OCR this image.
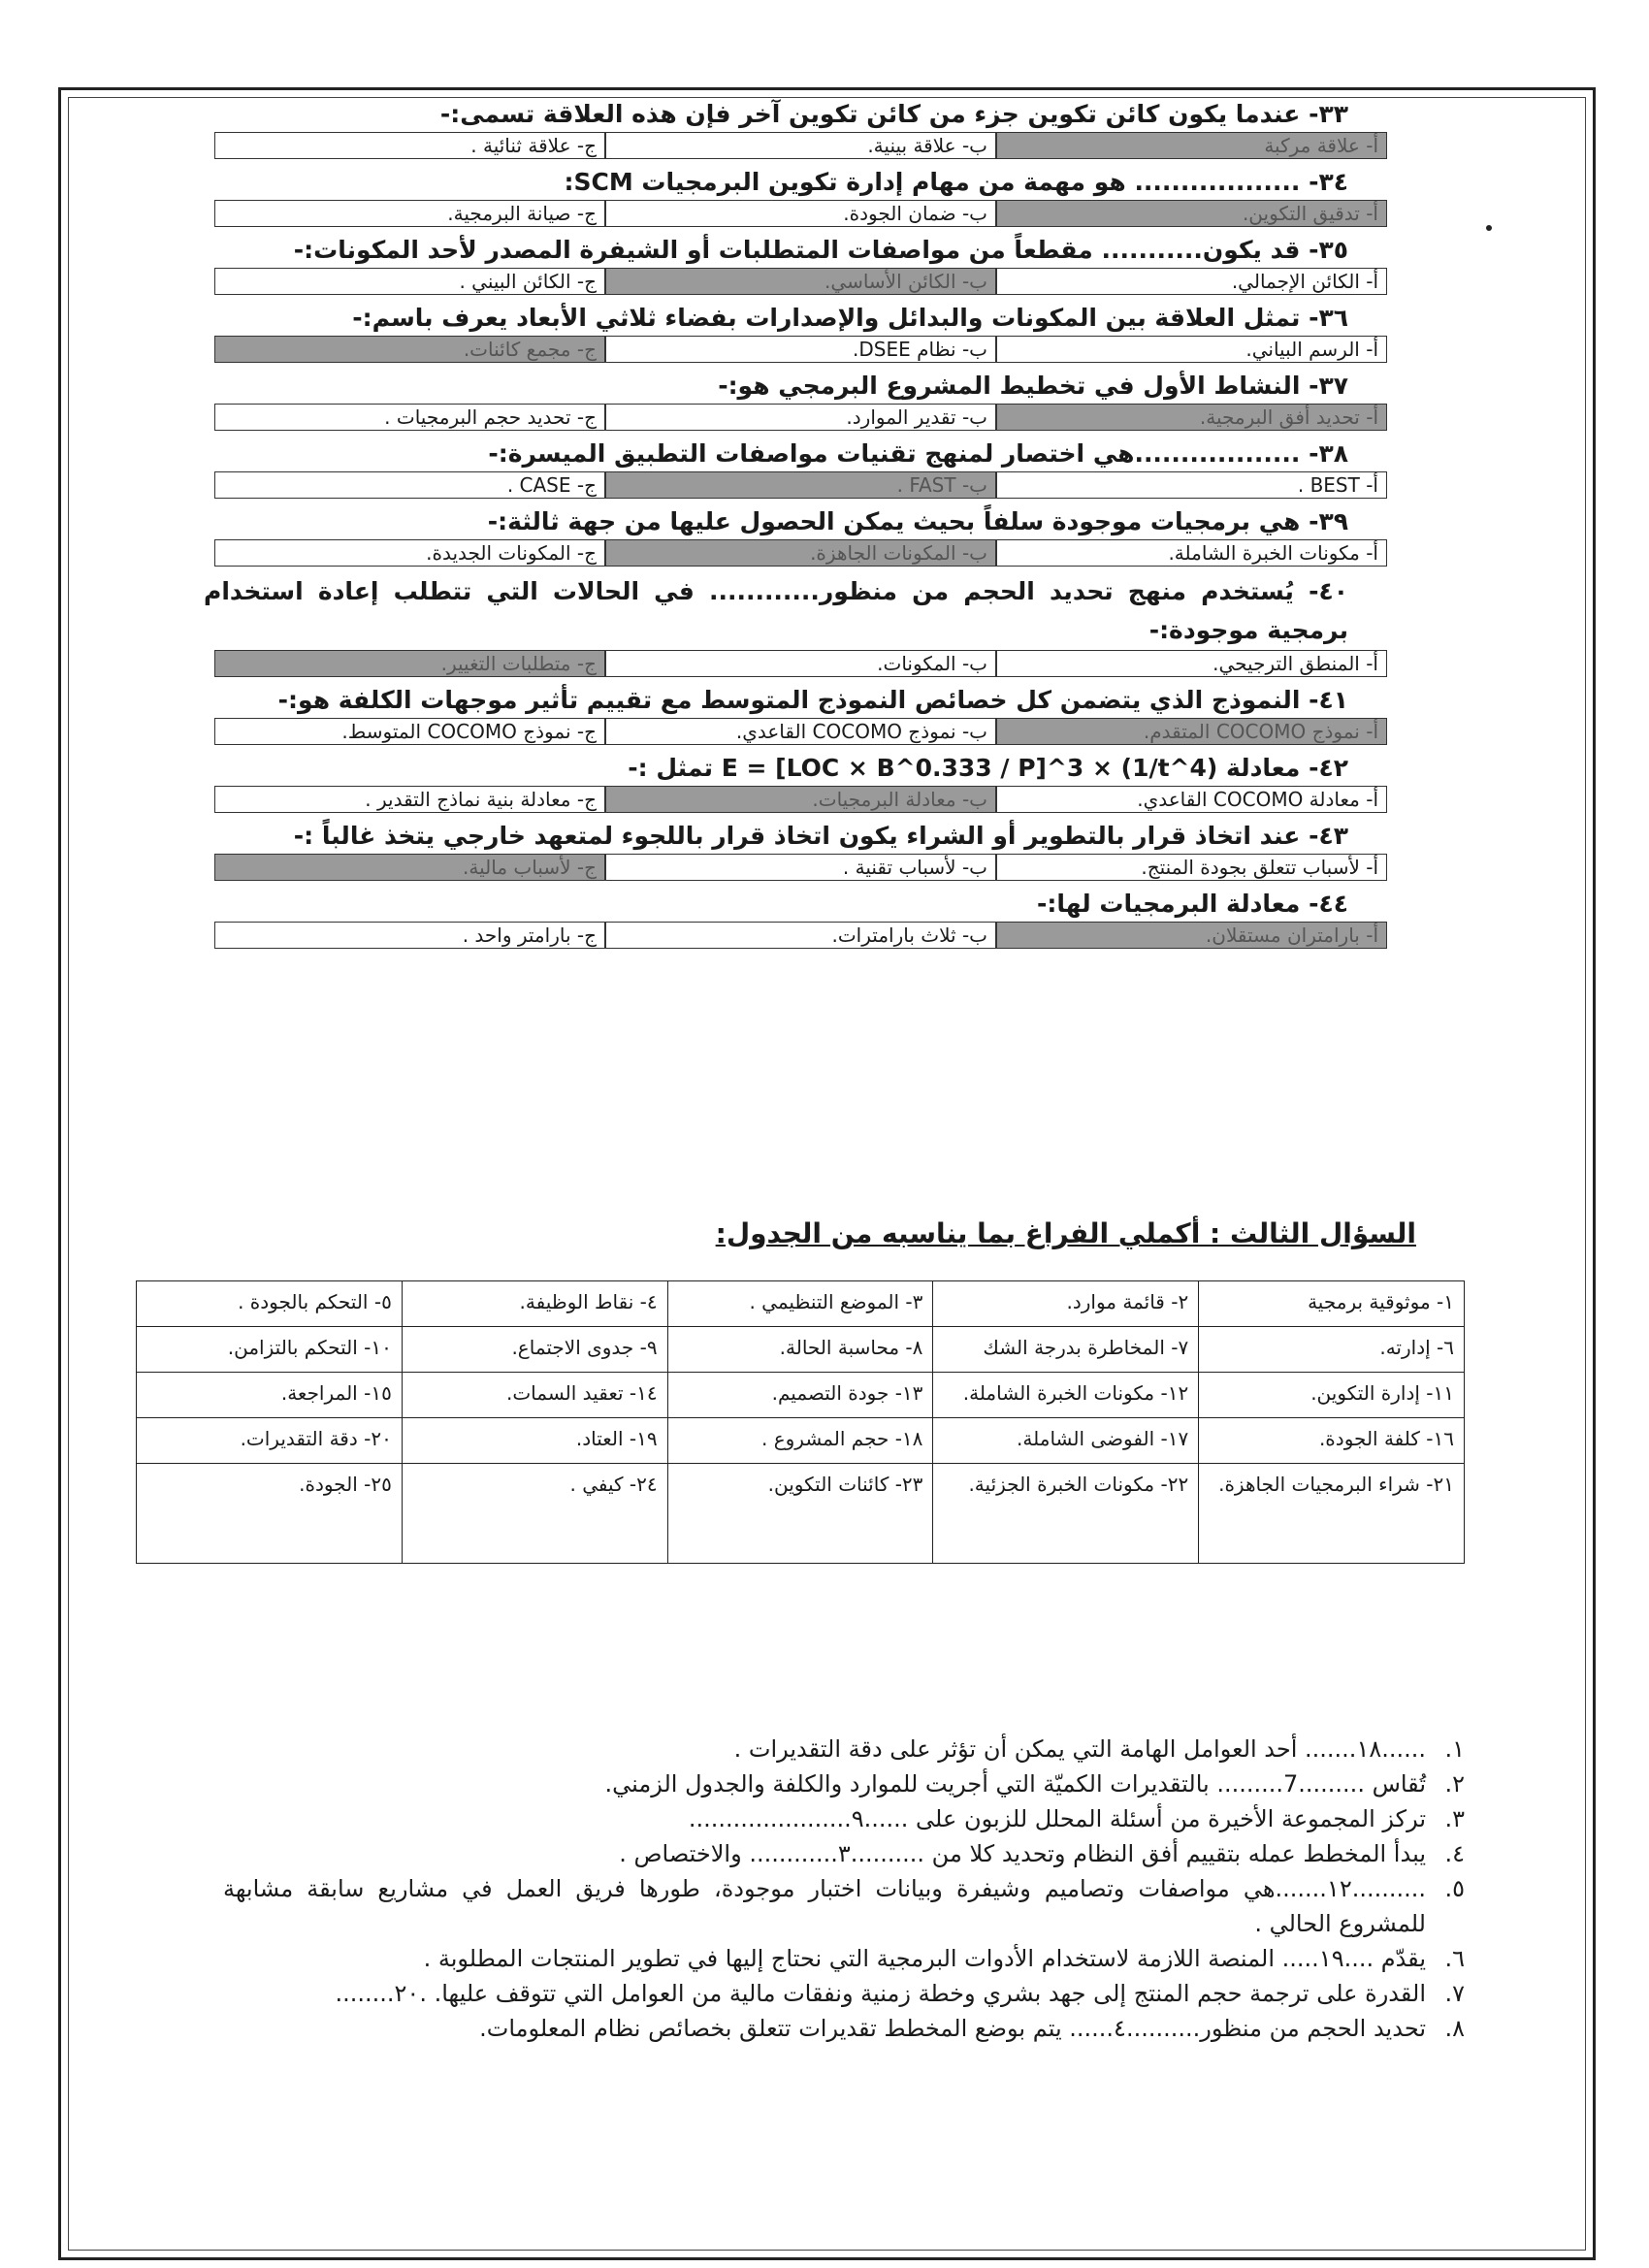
٣٣- عندما يكون كائن تكوين جزء من كائن تكوين آخر فإن هذه العلاقة تسمى:-
أ- علاقة مركبة
ب- علاقة بينية.
ج- علاقة ثنائية .
٣٤- .................. هو مهمة من مهام إدارة تكوين البرمجيات SCM:
أ- تدقيق التكوين.
ب- ضمان الجودة.
ج- صيانة البرمجية.
٣٥- قد يكون........... مقطعاً من مواصفات المتطلبات أو الشيفرة المصدر لأحد المكونات:-
أ- الكائن الإجمالي.
ب- الكائن الأساسي.
ج- الكائن البيني .
٣٦- تمثل العلاقة بين المكونات والبدائل والإصدارات بفضاء ثلاثي الأبعاد يعرف باسم:-
أ- الرسم البياني.
ب- نظام DSEE.
ج- مجمع كائنات.
٣٧- النشاط الأول في تخطيط المشروع البرمجي هو:-
أ- تحديد أفق البرمجية.
ب- تقدير الموارد.
ج- تحديد حجم البرمجيات .
٣٨- ..................هي اختصار لمنهج تقنيات مواصفات التطبيق الميسرة:-
أ- BEST .
ب- FAST .
ج- CASE .
٣٩- هي برمجيات موجودة سلفاً بحيث يمكن الحصول عليها من جهة ثالثة:-
أ- مكونات الخبرة الشاملة.
ب- المكونات الجاهزة.
ج- المكونات الجديدة.
٤٠- يُستخدم منهج تحديد الحجم من منظور............ في الحالات التي تتطلب إعادة استخدام برمجية موجودة:-
أ- المنطق الترجيحي.
ب- المكونات.
ج- متطلبات التغيير.
٤١- النموذج الذي يتضمن كل خصائص النموذج المتوسط مع تقييم تأثير موجهات الكلفة هو:-
أ- نموذج COCOMO المتقدم.
ب- نموذج COCOMO القاعدي.
ج- نموذج COCOMO المتوسط.
٤٢- معادلة E = [LOC × B^0.333 / P]^3 × (1/t^4) تمثل :-
أ- معادلة COCOMO القاعدي.
ب- معادلة البرمجيات.
ج- معادلة بنية نماذج التقدير .
٤٣- عند اتخاذ قرار بالتطوير أو الشراء يكون اتخاذ قرار باللجوء لمتعهد خارجي يتخذ غالباً :-
أ- لأسباب تتعلق بجودة المنتج.
ب- لأسباب تقنية .
ج- لأسباب مالية.
٤٤- معادلة البرمجيات لها:-
أ- بارامتران مستقلان.
ب- ثلاث بارامترات.
ج- بارامتر واحد .
السؤال الثالث : أكملي الفراغ بما يناسبه من الجدول:
١- موثوقية برمجية	٢- قائمة موارد.	٣- الموضع التنظيمي .	٤- نقاط الوظيفة.	٥- التحكم بالجودة .
٦- إدارته.	٧- المخاطرة بدرجة الشك	٨- محاسبة الحالة.	٩- جدوى الاجتماع.	١٠- التحكم بالتزامن.
١١- إدارة التكوين.	١٢- مكونات الخبرة الشاملة.	١٣- جودة التصميم.	١٤- تعقيد السمات.	١٥- المراجعة.
١٦- كلفة الجودة.	١٧- الفوضى الشاملة.	١٨- حجم المشروع .	١٩- العتاد.	٢٠- دقة التقديرات.
٢١- شراء البرمجيات الجاهزة.	٢٢- مكونات الخبرة الجزئية.	٢٣- كائنات التكوين.	٢٤- كيفي .	٢٥- الجودة.
١.
......١٨....... أحد العوامل الهامة التي يمكن أن تؤثر على دقة التقديرات .
٢.
تُقاس .........7......... بالتقديرات الكميّة التي أجريت للموارد والكلفة والجدول الزمني.
٣.
تركز المجموعة الأخيرة من أسئلة المحلل للزبون على ......٩......................
٤.
يبدأ المخطط عمله بتقييم أفق النظام وتحديد كلا من ..........٣............ والاختصاص .
٥.
..........١٢.......هي مواصفات وتصاميم وشيفرة وبيانات اختبار موجودة، طورها فريق العمل في مشاريع سابقة مشابهة للمشروع الحالي .
٦.
يقدّم ....١٩..... المنصة اللازمة لاستخدام الأدوات البرمجية التي نحتاج إليها في تطوير المنتجات المطلوبة .
٧.
القدرة على ترجمة حجم المنتج إلى جهد بشري وخطة زمنية ونفقات مالية من العوامل التي تتوقف عليها. .٢٠........
٨.
تحديد الحجم من منظور..........٤...... يتم بوضع المخطط تقديرات تتعلق بخصائص نظام المعلومات.
